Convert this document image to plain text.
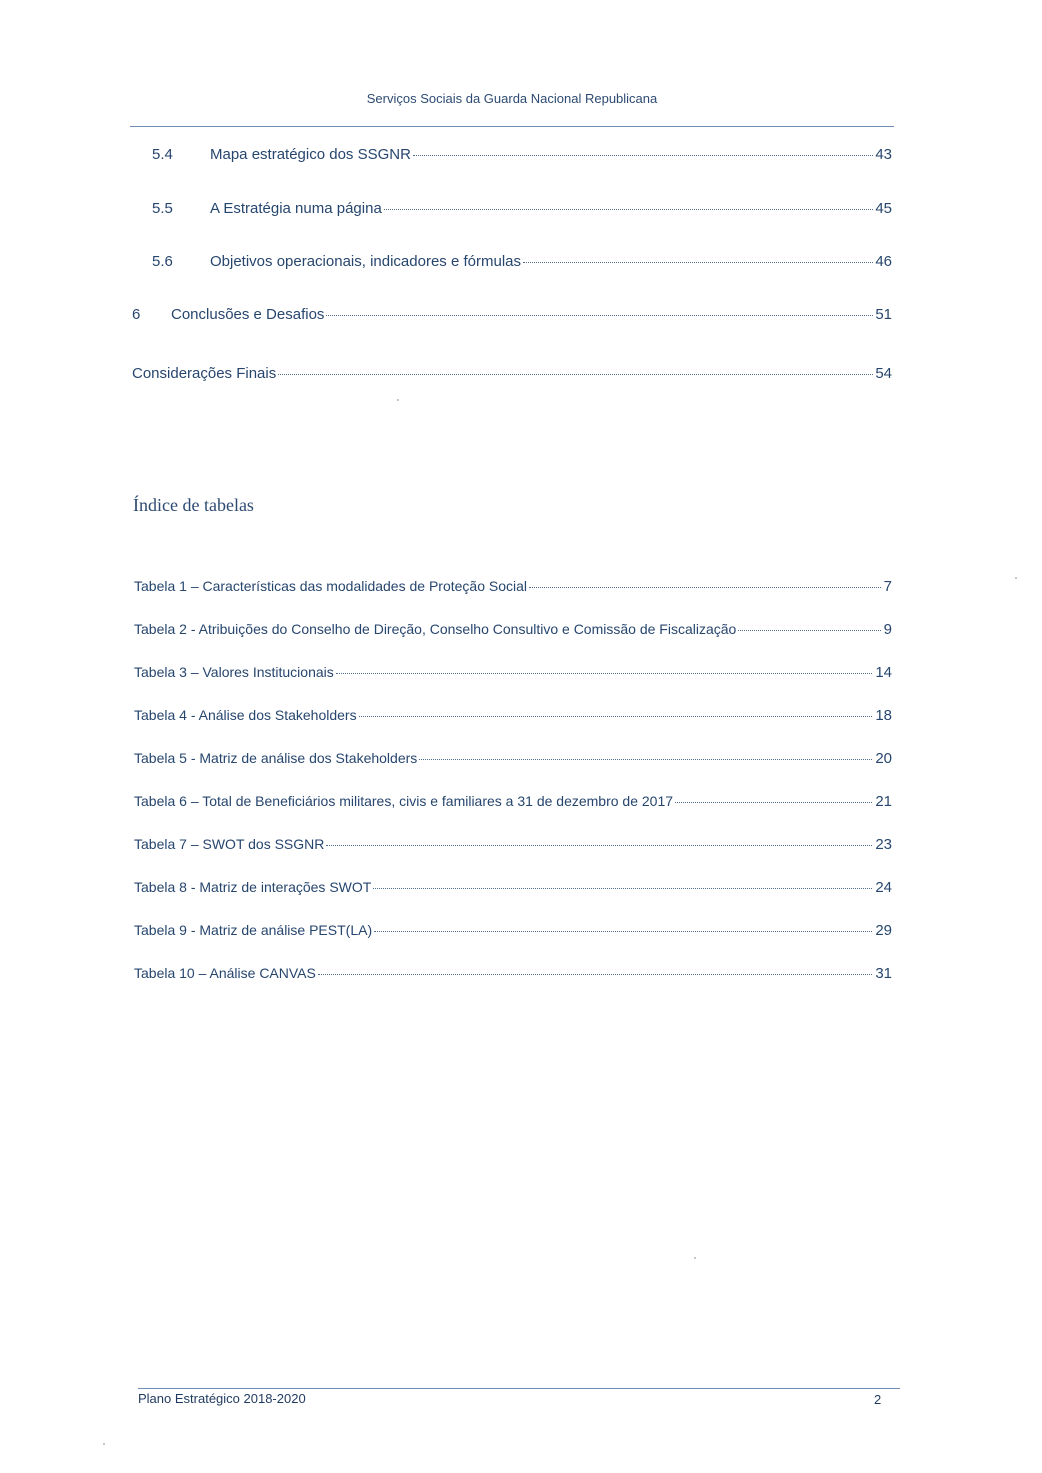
Serviços Sociais da Guarda Nacional Republicana
5.4	Mapa estratégico dos SSGNR	43
5.5	A Estratégia numa página	45
5.6	Objetivos operacionais, indicadores e fórmulas	46
6	Conclusões e Desafios	51
Considerações Finais	54
Índice de tabelas
Tabela 1 – Características das modalidades de Proteção Social	7
Tabela 2 - Atribuições do Conselho de Direção, Conselho Consultivo e Comissão de Fiscalização	9
Tabela 3 – Valores Institucionais	14
Tabela 4 - Análise dos Stakeholders	18
Tabela 5 - Matriz de análise dos Stakeholders	20
Tabela 6 – Total de Beneficiários militares, civis e familiares a 31 de dezembro de 2017	21
Tabela 7 – SWOT dos SSGNR	23
Tabela 8 - Matriz de interações SWOT	24
Tabela 9 - Matriz de análise PEST(LA)	29
Tabela 10 – Análise CANVAS	31
Plano Estratégico 2018-2020	2
